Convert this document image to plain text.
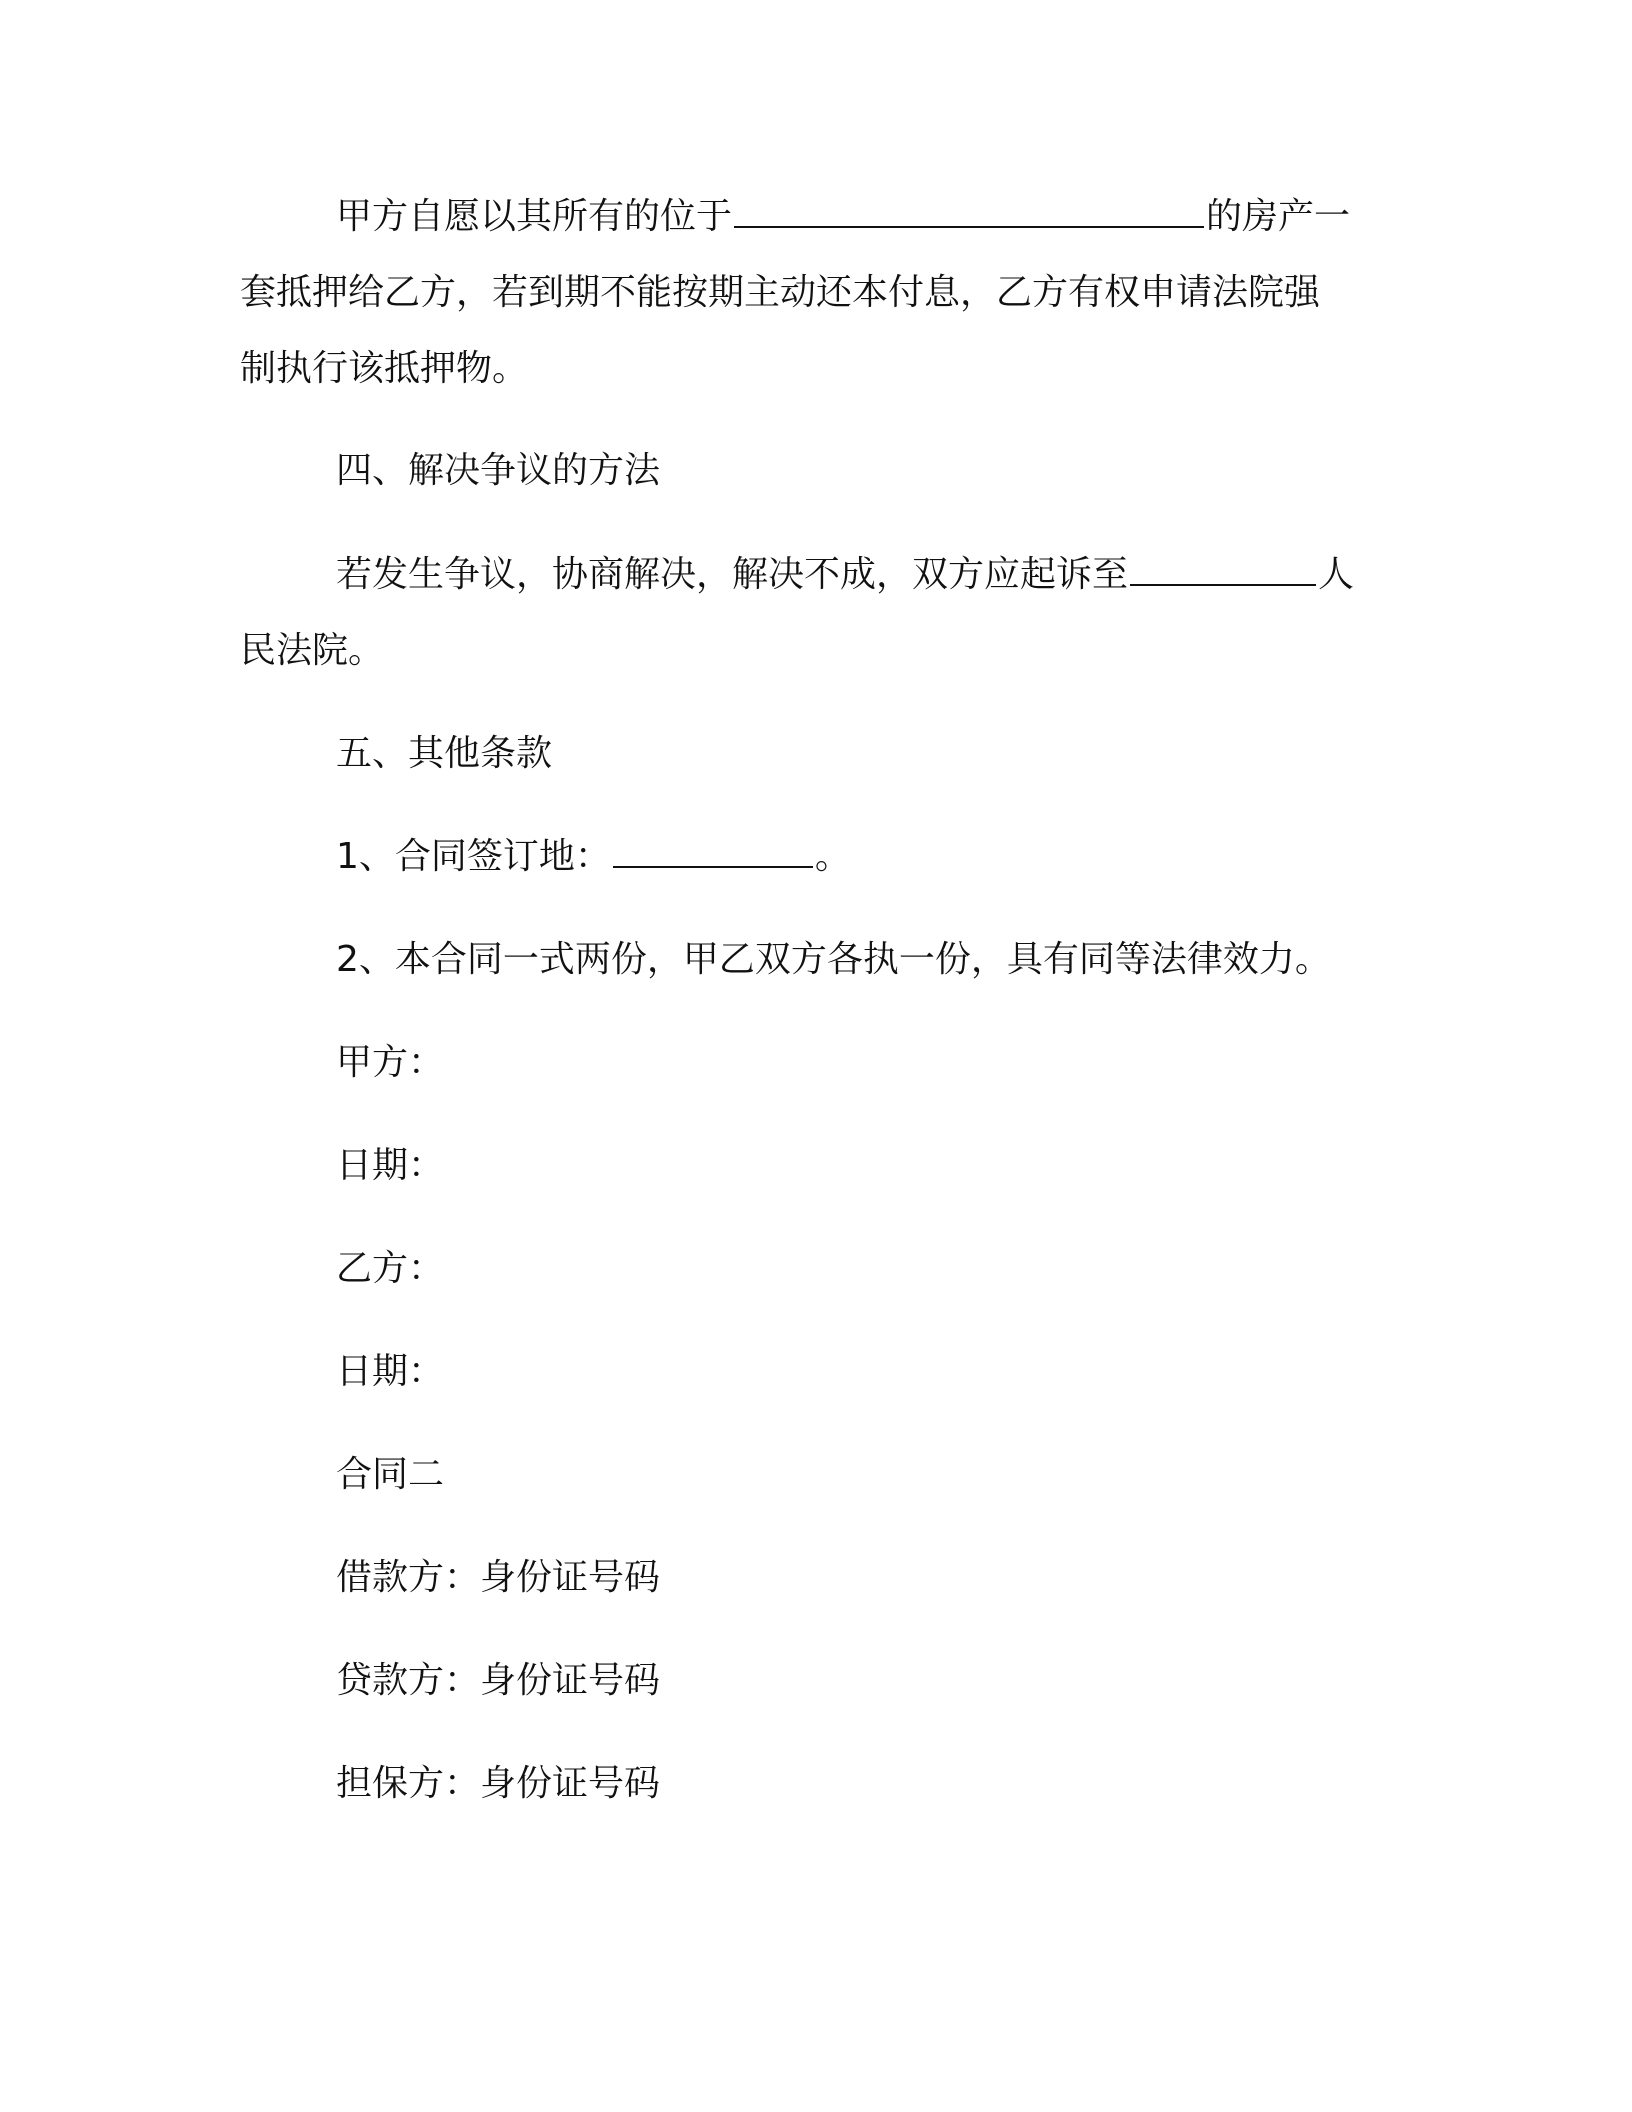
甲方自愿以其所有的位于	的房产一
套抵押给乙方，若到期不能按期主动还本付息，乙方有权申请法院强
制执行该抵押物。
四、解决争议的方法
若发生争议，协商解决，解决不成，双方应起诉至	人
民法院。
五、其他条款
1、合同签订地：	。
2、本合同一式两份，甲乙双方各执一份，具有同等法律效力。
甲方：
日期：
乙方：
日期：
合同二
借款方：身份证号码
贷款方：身份证号码
担保方：身份证号码
